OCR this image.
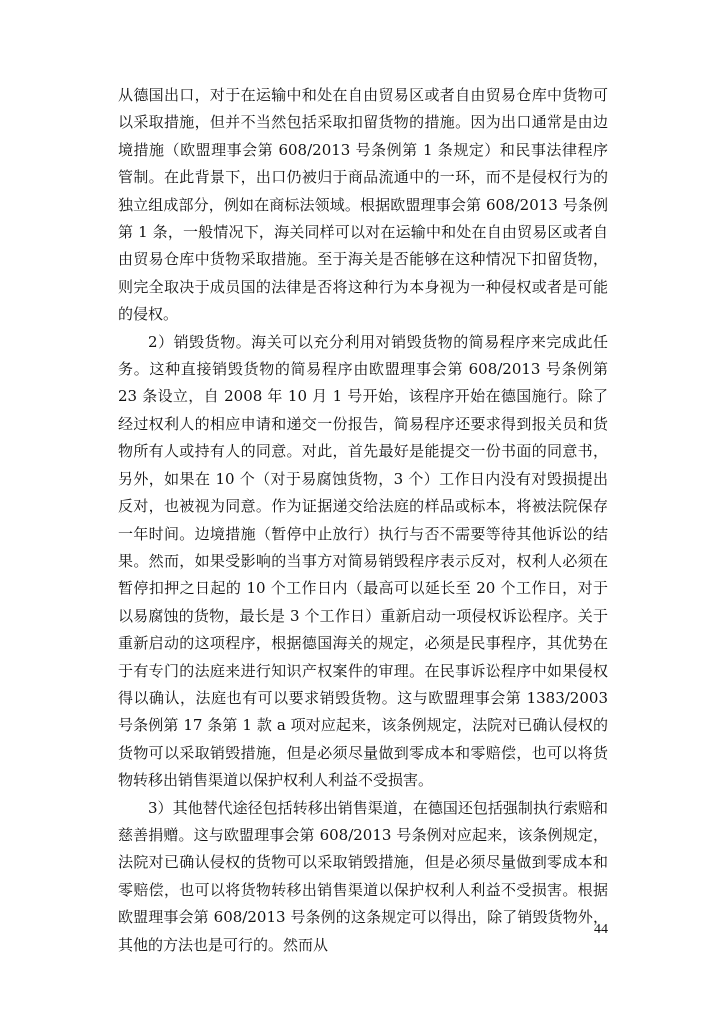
从德国出口，对于在运输中和处在自由贸易区或者自由贸易仓库中货物可以采取措施，但并不当然包括采取扣留货物的措施。因为出口通常是由边境措施（欧盟理事会第 608/2013 号条例第 1 条规定）和民事法律程序管制。在此背景下，出口仍被归于商品流通中的一环，而不是侵权行为的独立组成部分，例如在商标法领域。根据欧盟理事会第 608/2013 号条例第 1 条，一般情况下，海关同样可以对在运输中和处在自由贸易区或者自由贸易仓库中货物采取措施。至于海关是否能够在这种情况下扣留货物，则完全取决于成员国的法律是否将这种行为本身视为一种侵权或者是可能的侵权。

2）销毁货物。海关可以充分利用对销毁货物的简易程序来完成此任务。这种直接销毁货物的简易程序由欧盟理事会第 608/2013 号条例第 23 条设立，自 2008 年 10 月 1 号开始，该程序开始在德国施行。除了经过权利人的相应申请和递交一份报告，简易程序还要求得到报关员和货物所有人或持有人的同意。对此，首先最好是能提交一份书面的同意书，另外，如果在 10 个（对于易腐蚀货物，3 个）工作日内没有对毁损提出反对，也被视为同意。作为证据递交给法庭的样品或标本，将被法院保存一年时间。边境措施（暂停中止放行）执行与否不需要等待其他诉讼的结果。然而，如果受影响的当事方对简易销毁程序表示反对，权利人必须在暂停扣押之日起的 10 个工作日内（最高可以延长至 20 个工作日，对于以易腐蚀的货物，最长是 3 个工作日）重新启动一项侵权诉讼程序。关于重新启动的这项程序，根据德国海关的规定，必须是民事程序，其优势在于有专门的法庭来进行知识产权案件的审理。在民事诉讼程序中如果侵权得以确认，法庭也有可以要求销毁货物。这与欧盟理事会第 1383/2003 号条例第 17 条第 1 款 a 项对应起来，该条例规定，法院对已确认侵权的货物可以采取销毁措施，但是必须尽量做到零成本和零赔偿，也可以将货物转移出销售渠道以保护权利人利益不受损害。

3）其他替代途径包括转移出销售渠道，在德国还包括强制执行索赔和慈善捐赠。这与欧盟理事会第 608/2013 号条例对应起来，该条例规定，法院对已确认侵权的货物可以采取销毁措施，但是必须尽量做到零成本和零赔偿，也可以将货物转移出销售渠道以保护权利人利益不受损害。根据欧盟理事会第 608/2013 号条例的这条规定可以得出，除了销毁货物外，其他的方法也是可行的。然而从

44
